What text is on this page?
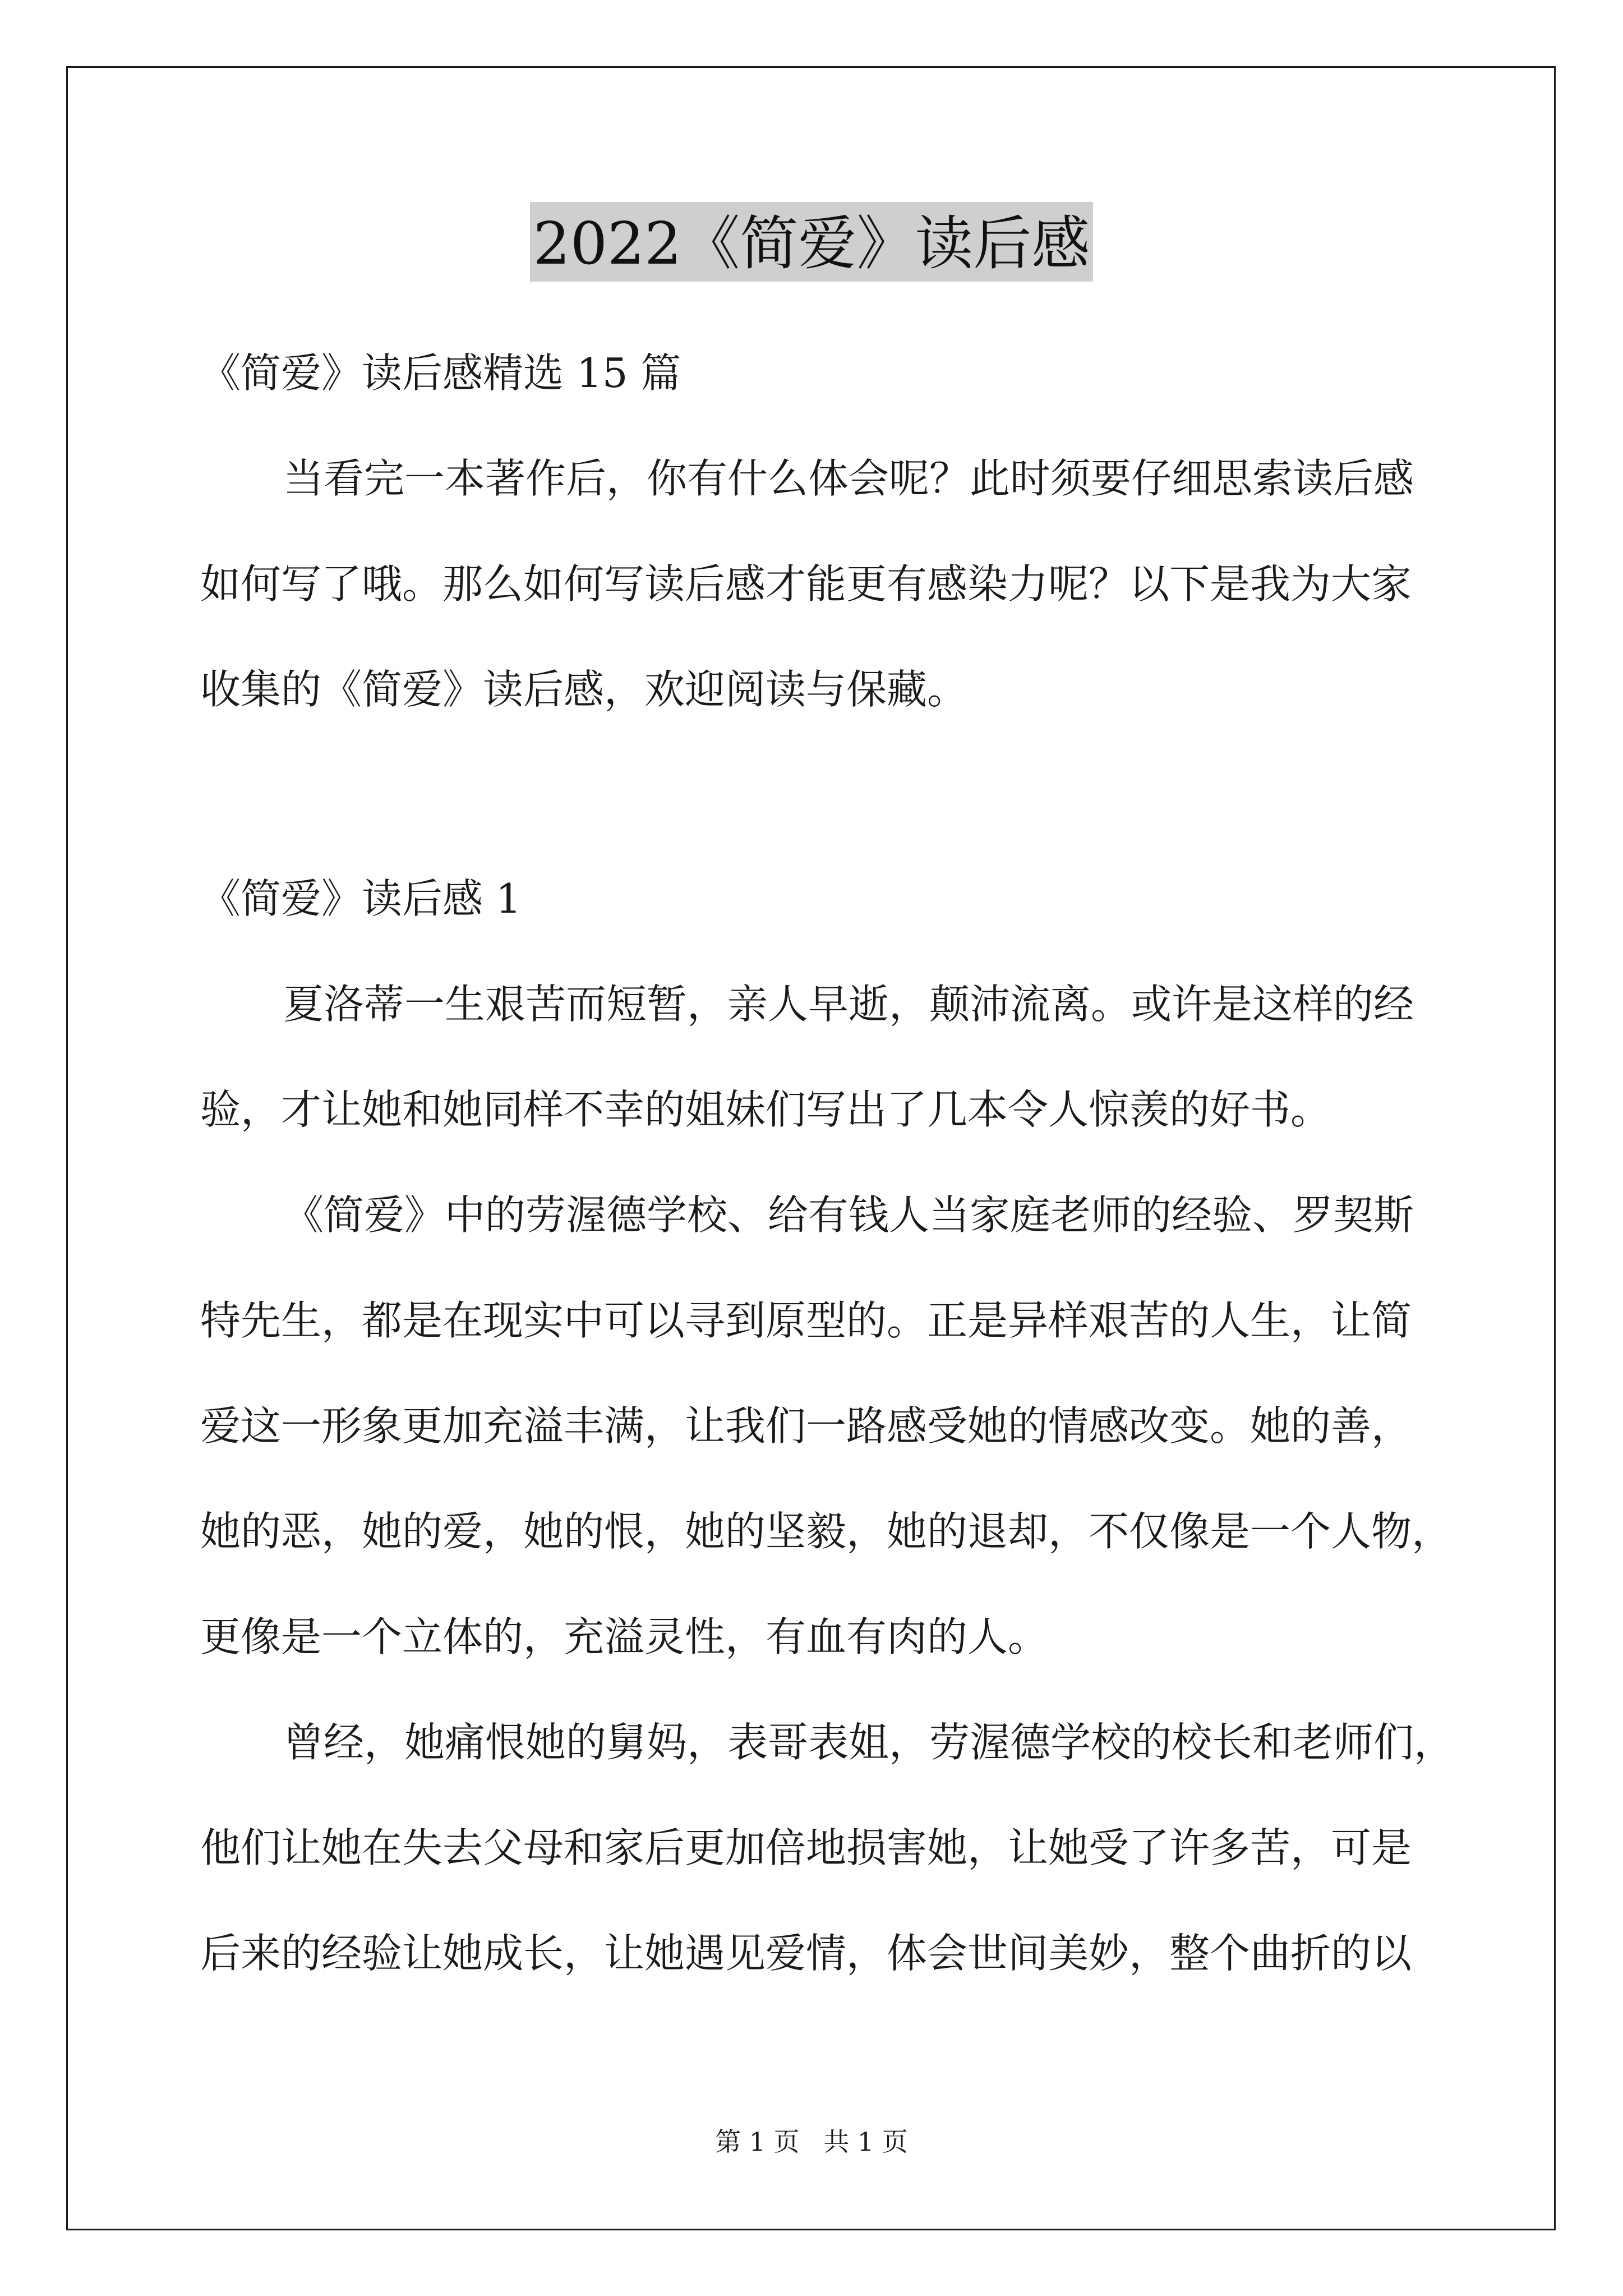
2022《简爱》读后感
《简爱》读后感精选 15 篇
当看完一本著作后，你有什么体会呢？此时须要仔细思索读后感
如何写了哦。那么如何写读后感才能更有感染力呢？以下是我为大家
收集的《简爱》读后感，欢迎阅读与保藏。
《简爱》读后感 1
夏洛蒂一生艰苦而短暂，亲人早逝，颠沛流离。或许是这样的经
验，才让她和她同样不幸的姐妹们写出了几本令人惊羡的好书。
《简爱》中的劳渥德学校、给有钱人当家庭老师的经验、罗契斯
特先生，都是在现实中可以寻到原型的。正是异样艰苦的人生，让简
爱这一形象更加充溢丰满，让我们一路感受她的情感改变。她的善，
她的恶，她的爱，她的恨，她的坚毅，她的退却，不仅像是一个人物，
更像是一个立体的，充溢灵性，有血有肉的人。
曾经，她痛恨她的舅妈，表哥表姐，劳渥德学校的校长和老师们，
他们让她在失去父母和家后更加倍地损害她，让她受了许多苦，可是
后来的经验让她成长，让她遇见爱情，体会世间美妙，整个曲折的以
第 1 页 共 1 页
